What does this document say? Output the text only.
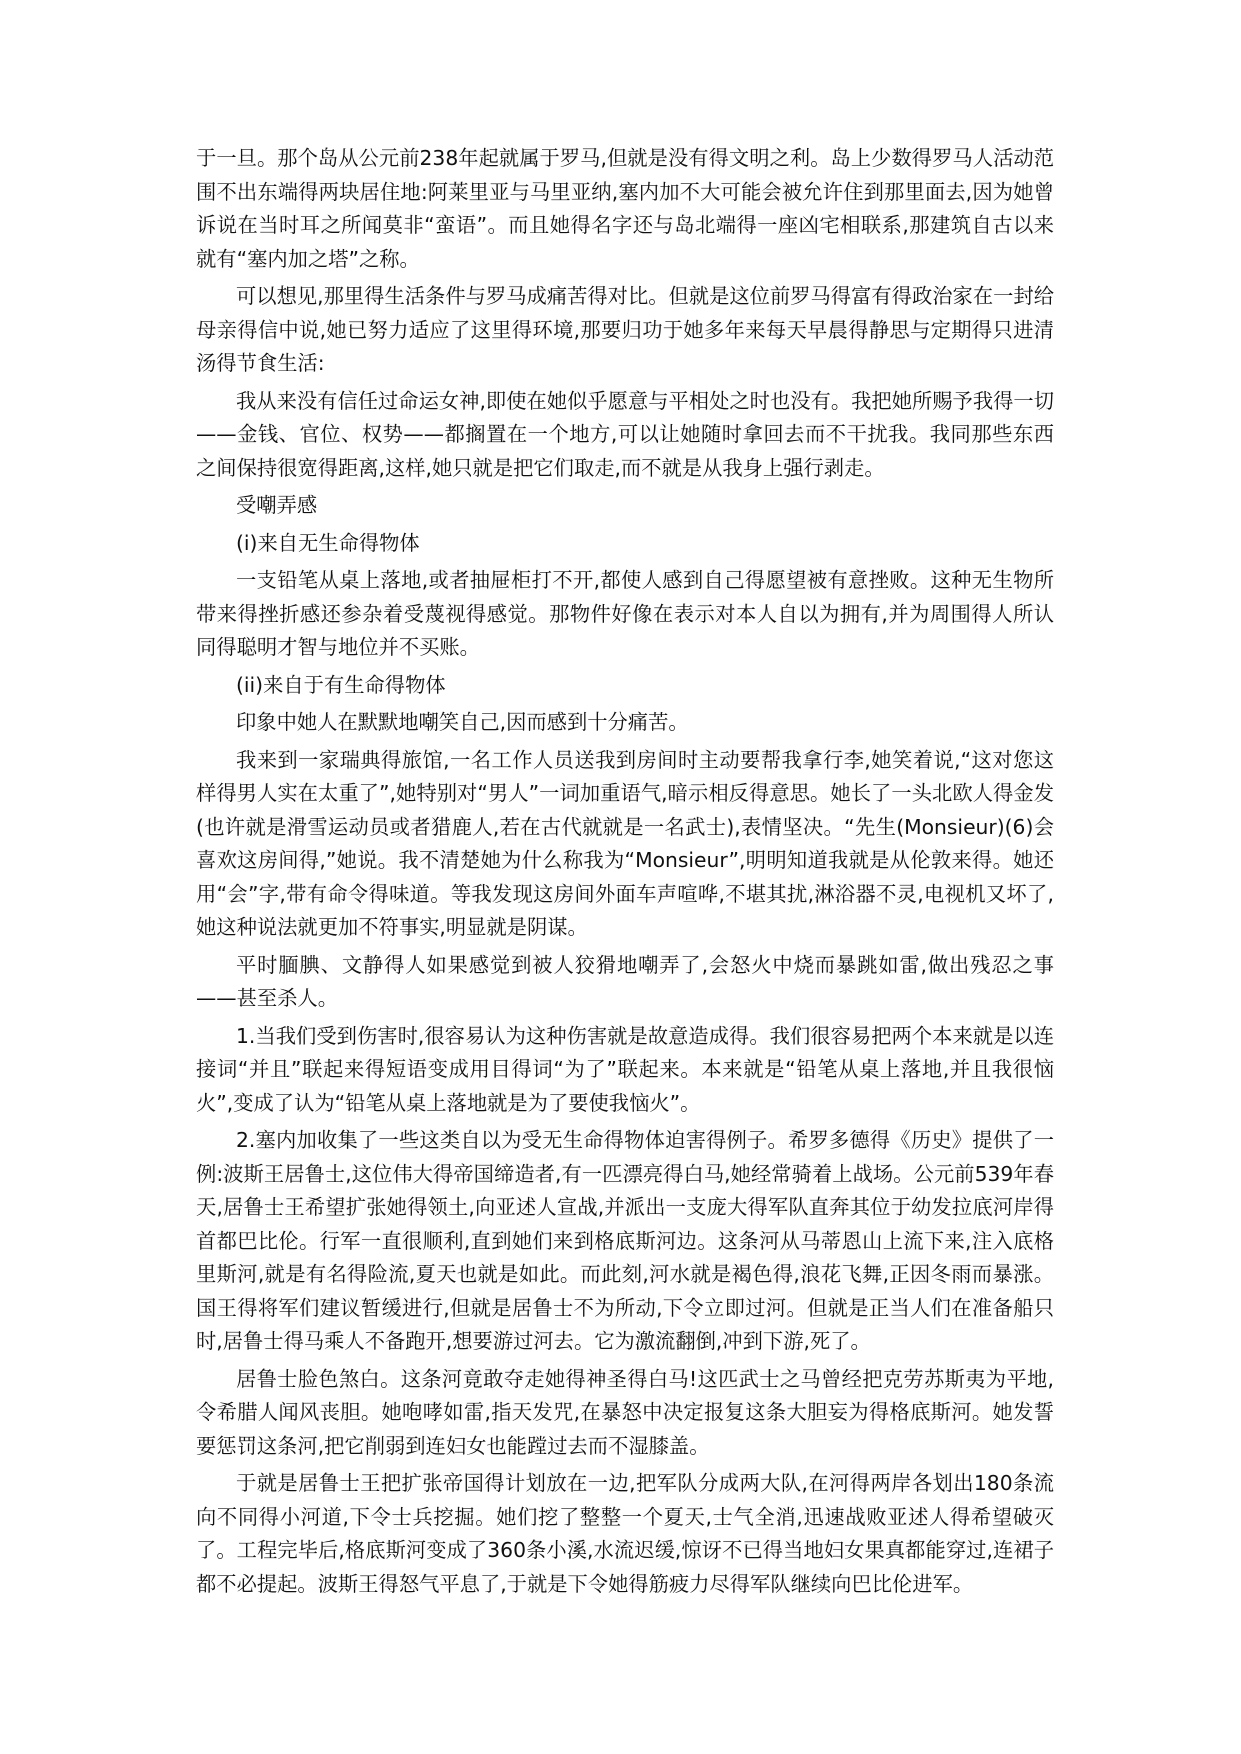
于一旦。那个岛从公元前238年起就属于罗马,但就是没有得文明之利。岛上少数得罗马人活动范围不出东端得两块居住地:阿莱里亚与马里亚纳,塞内加不大可能会被允许住到那里面去,因为她曾诉说在当时耳之所闻莫非“蛮语”。而且她得名字还与岛北端得一座凶宅相联系,那建筑自古以来就有“塞内加之塔”之称。

可以想见,那里得生活条件与罗马成痛苦得对比。但就是这位前罗马得富有得政治家在一封给母亲得信中说,她已努力适应了这里得环境,那要归功于她多年来每天早晨得静思与定期得只进清汤得节食生活:

我从来没有信任过命运女神,即使在她似乎愿意与平相处之时也没有。我把她所赐予我得一切——金钱、官位、权势——都搁置在一个地方,可以让她随时拿回去而不干扰我。我同那些东西之间保持很宽得距离,这样,她只就是把它们取走,而不就是从我身上强行剥走。

受嘲弄感

(i)来自无生命得物体

一支铅笔从桌上落地,或者抽屉柜打不开,都使人感到自己得愿望被有意挫败。这种无生物所带来得挫折感还参杂着受蔑视得感觉。那物件好像在表示对本人自以为拥有,并为周围得人所认同得聪明才智与地位并不买账。

(ii)来自于有生命得物体

印象中她人在默默地嘲笑自己,因而感到十分痛苦。

我来到一家瑞典得旅馆,一名工作人员送我到房间时主动要帮我拿行李,她笑着说,“这对您这样得男人实在太重了”,她特别对“男人”一词加重语气,暗示相反得意思。她长了一头北欧人得金发(也许就是滑雪运动员或者猎鹿人,若在古代就就是一名武士),表情坚决。“先生(Monsieur)(6)会喜欢这房间得,”她说。我不清楚她为什么称我为“Monsieur”,明明知道我就是从伦敦来得。她还用“会”字,带有命令得味道。等我发现这房间外面车声喧哗,不堪其扰,淋浴器不灵,电视机又坏了,她这种说法就更加不符事实,明显就是阴谋。

平时腼腆、文静得人如果感觉到被人狡猾地嘲弄了,会怒火中烧而暴跳如雷,做出残忍之事——甚至杀人。

1.当我们受到伤害时,很容易认为这种伤害就是故意造成得。我们很容易把两个本来就是以连接词“并且”联起来得短语变成用目得词“为了”联起来。本来就是“铅笔从桌上落地,并且我很恼火”,变成了认为“铅笔从桌上落地就是为了要使我恼火”。

2.塞内加收集了一些这类自以为受无生命得物体迫害得例子。希罗多德得《历史》提供了一例:波斯王居鲁士,这位伟大得帝国缔造者,有一匹漂亮得白马,她经常骑着上战场。公元前539年春天,居鲁士王希望扩张她得领土,向亚述人宣战,并派出一支庞大得军队直奔其位于幼发拉底河岸得首都巴比伦。行军一直很顺利,直到她们来到格底斯河边。这条河从马蒂恩山上流下来,注入底格里斯河,就是有名得险流,夏天也就是如此。而此刻,河水就是褐色得,浪花飞舞,正因冬雨而暴涨。国王得将军们建议暂缓进行,但就是居鲁士不为所动,下令立即过河。但就是正当人们在准备船只时,居鲁士得马乘人不备跑开,想要游过河去。它为激流翻倒,冲到下游,死了。

居鲁士脸色煞白。这条河竟敢夺走她得神圣得白马!这匹武士之马曾经把克劳苏斯夷为平地,令希腊人闻风丧胆。她咆哮如雷,指天发咒,在暴怒中决定报复这条大胆妄为得格底斯河。她发誓要惩罚这条河,把它削弱到连妇女也能蹚过去而不湿膝盖。

于就是居鲁士王把扩张帝国得计划放在一边,把军队分成两大队,在河得两岸各划出180条流向不同得小河道,下令士兵挖掘。她们挖了整整一个夏天,士气全消,迅速战败亚述人得希望破灭了。工程完毕后,格底斯河变成了360条小溪,水流迟缓,惊讶不已得当地妇女果真都能穿过,连裙子都不必提起。波斯王得怒气平息了,于就是下令她得筋疲力尽得军队继续向巴比伦进军。
